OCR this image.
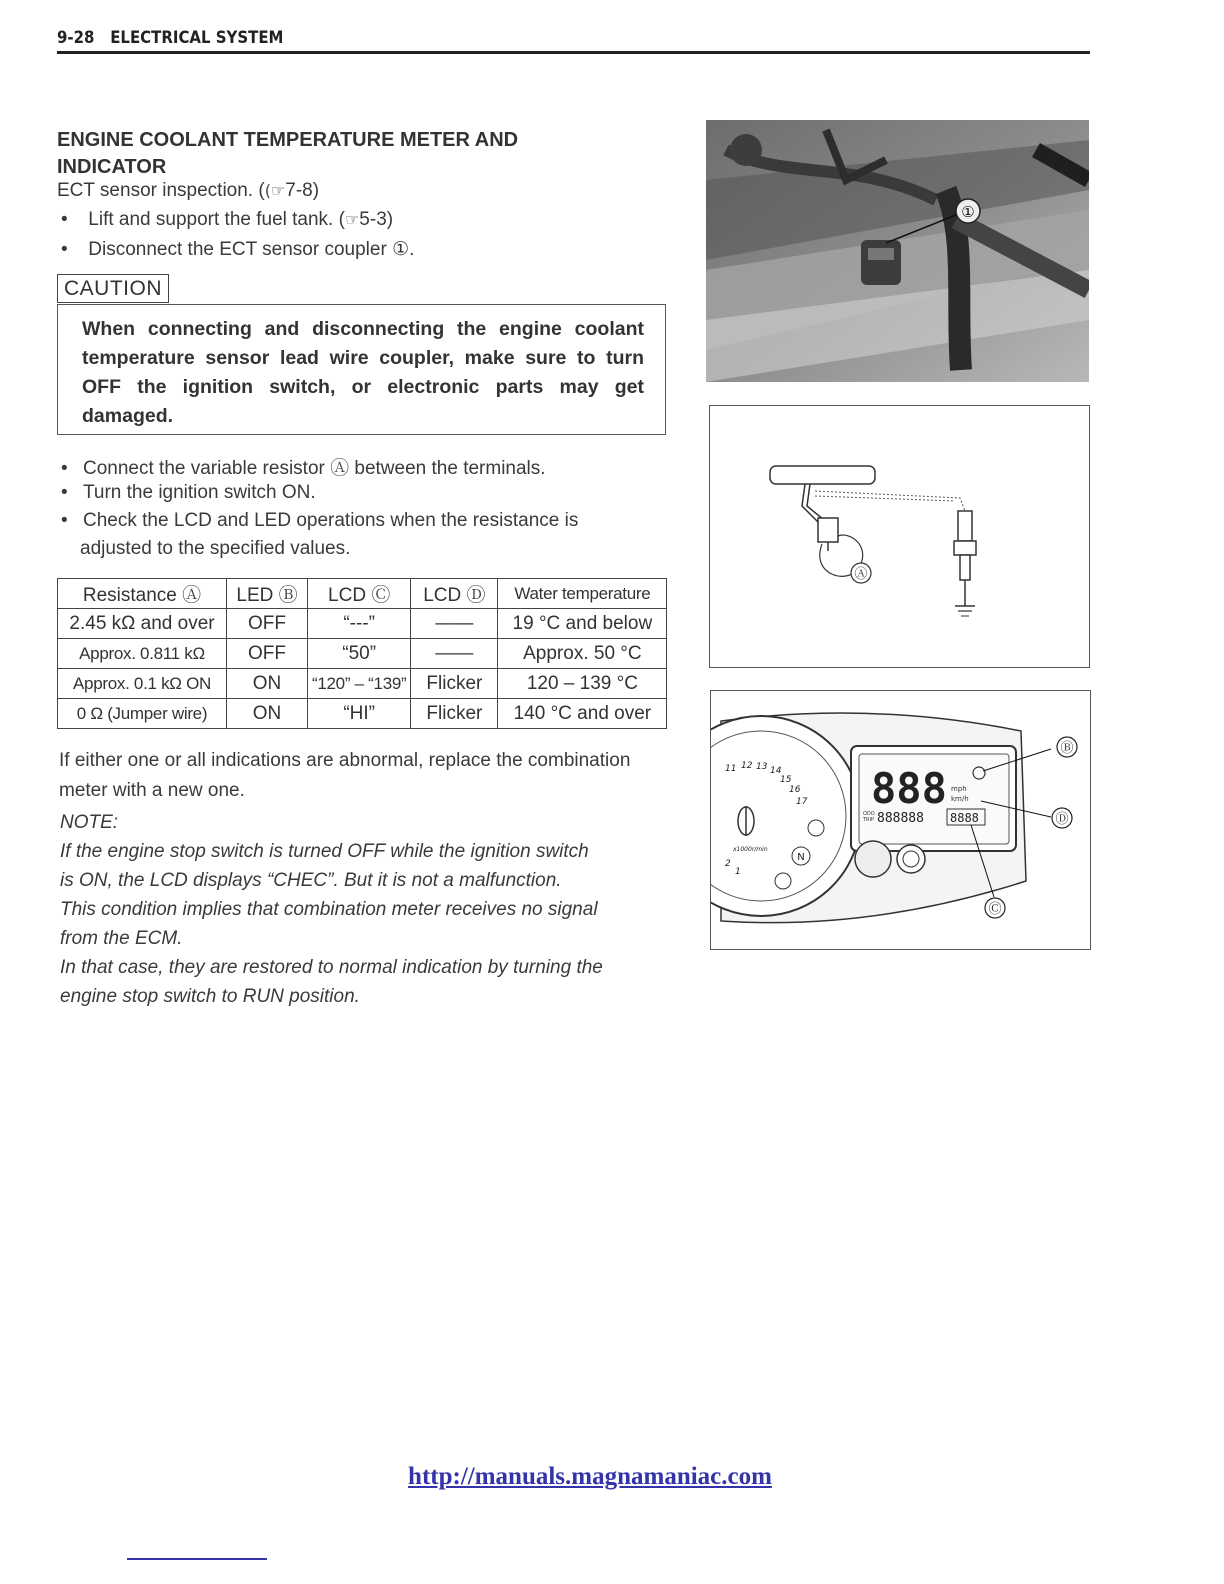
9-28 ELECTRICAL SYSTEM
ENGINE COOLANT TEMPERATURE METER AND INDICATOR
ECT sensor inspection. ((☞7-8)
• Lift and support the fuel tank. (☞5-3)
• Disconnect the ECT sensor coupler ①.
CAUTION
When connecting and disconnecting the engine coolant temperature sensor lead wire coupler, make sure to turn OFF the ignition switch, or electronic parts may get damaged.
• Connect the variable resistor Ⓐ between the terminals.
• Turn the ignition switch ON.
• Check the LCD and LED operations when the resistance is
adjusted to the specified values.
Resistance Ⓐ	LED Ⓑ	LCD Ⓒ	LCD Ⓓ	Water temperature
2.45 kΩ and over	OFF	“---”	——	19 °C and below
Approx. 0.811 kΩ	OFF	“50”	——	Approx. 50 °C
Approx. 0.1 kΩ ON	ON	“120” – “139”	Flicker	120 – 139 °C
0 Ω (Jumper wire)	ON	“HI”	Flicker	140 °C and over
If either one or all indications are abnormal, replace the combination meter with a new one.
NOTE:
If the engine stop switch is turned OFF while the ignition switch
is ON, the LCD displays “CHEC”. But it is not a malfunction.
This condition implies that combination meter receives no signal
from the ECM.
In that case, they are restored to normal indication by turning the
engine stop switch to RUN position.
①
Ⓐ
11 12 13 14
15
16
17
2
1
x1000r/min
N
888 mph
km/h
ODO
TRIP 888888 8888
Ⓑ
Ⓓ
Ⓒ
http://manuals.magnamaniac.com
